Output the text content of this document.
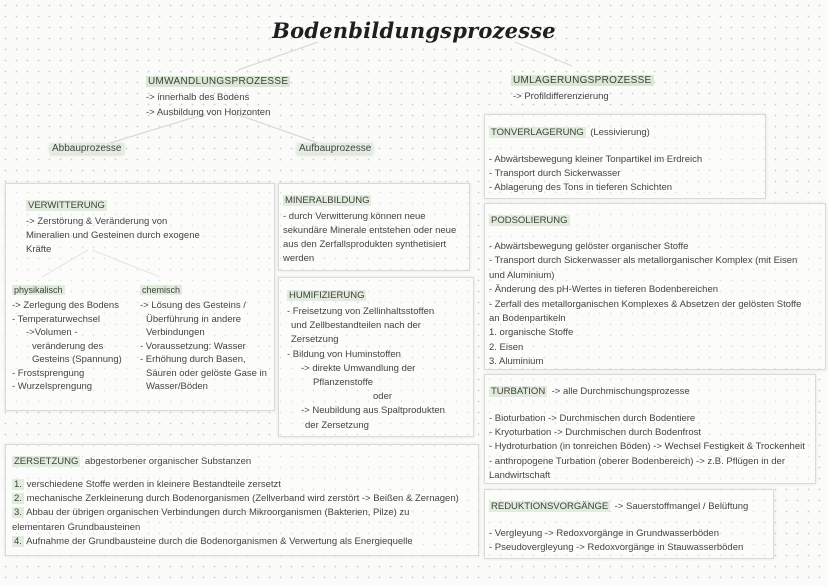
Bodenbildungsprozesse
UMWANDLUNGSPROZESSE
-> innerhalb des Bodens
-> Ausbildung von Horizonten
Abbauprozesse	Aufbauprozesse
UMLAGERUNGSPROZESSE
-> Profildifferenzierung
VERWITTERUNG
-> Zerstörung & Veränderung von
Mineralien und Gesteinen durch exogene
Kräfte
physikalisch
-> Zerlegung des Bodens
- Temperaturwechsel
->Volumen -
veränderung des
Gesteins (Spannung)
- Frostsprengung
- Wurzelsprengung
chemisch
-> Lösung des Gesteins /
Überführung in andere
Verbindungen
- Voraussetzung: Wasser
- Erhöhung durch Basen,
Säuren oder gelöste Gase in
Wasser/Böden
MINERALBILDUNG
- durch Verwitterung können neue
sekundäre Minerale entstehen oder neue
aus den Zerfallsprodukten synthetisiert
werden
HUMIFIZIERUNG
- Freisetzung von Zellinhaltsstoffen
und Zellbestandteilen nach der
Zersetzung
- Bildung von Huminstoffen
-> direkte Umwandlung der
Pflanzenstoffe
oder
-> Neubildung aus Spaltprodukten
der Zersetzung
ZERSETZUNG abgestorbener organischer Substanzen
1. verschiedene Stoffe werden in kleinere Bestandteile zersetzt
2. mechanische Zerkleinerung durch Bodenorganismen (Zellverband wird zerstört -> Beißen & Zernagen)
3. Abbau der übrigen organischen Verbindungen durch Mikroorganismen (Bakterien, Pilze) zu
elementaren Grundbausteinen
4. Aufnahme der Grundbausteine durch die Bodenorganismen & Verwertung als Energiequelle
TONVERLAGERUNG (Lessivierung)
- Abwärtsbewegung kleiner Tonpartikel im Erdreich
- Transport durch Sickerwasser
- Ablagerung des Tons in tieferen Schichten
PODSOLIERUNG
- Abwärtsbewegung gelöster organischer Stoffe
- Transport durch Sickerwasser als metallorganischer Komplex (mit Eisen
und Aluminium)
- Änderung des pH-Wertes in tieferen Bodenbereichen
- Zerfall des metallorganischen Komplexes & Absetzen der gelösten Stoffe
an Bodenpartikeln
1. organische Stoffe
2. Eisen
3. Aluminium
TURBATION -> alle Durchmischungsprozesse
- Bioturbation -> Durchmischen durch Bodentiere
- Kryoturbation -> Durchmischen durch Bodenfrost
- Hydroturbation (in tonreichen Böden) -> Wechsel Festigkeit & Trockenheit
- anthropogene Turbation (oberer Bodenbereich) -> z.B. Pflügen in der
Landwirtschaft
REDUKTIONSVORGÄNGE -> Sauerstoffmangel / Belüftung
- Vergleyung -> Redoxvorgänge in Grundwasserböden
- Pseudovergleyung -> Redoxvorgänge in Stauwasserböden
